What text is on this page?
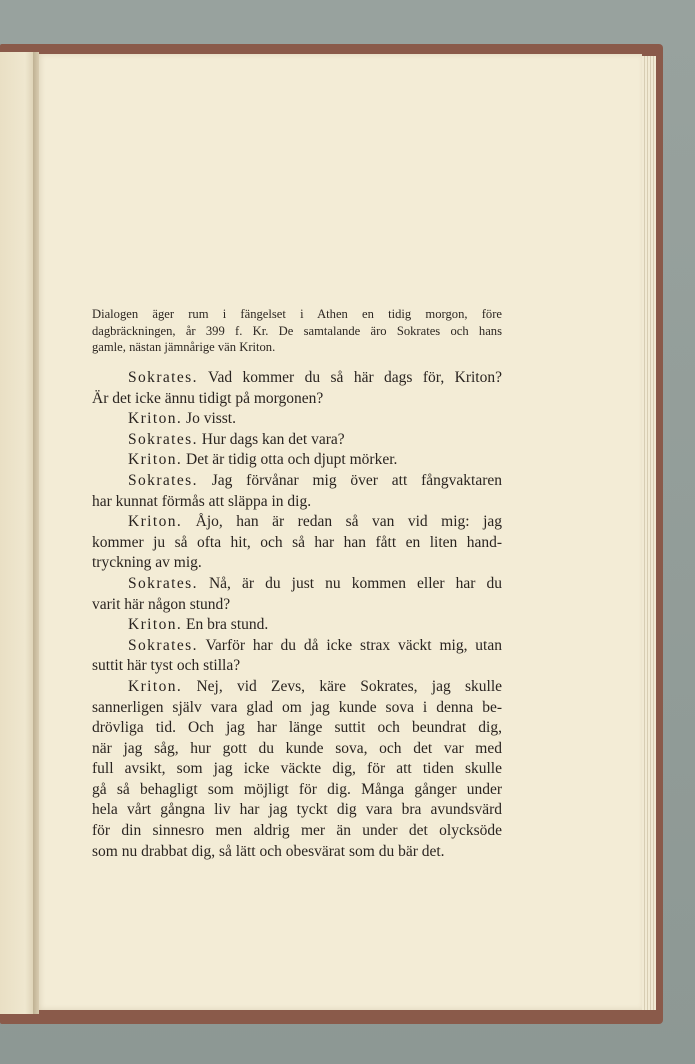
Dialogen äger rum i fängelset i Athen en tidig morgon, före
dagbräckningen, år 399 f. Kr. De samtalande äro Sokrates och hans
gamle, nästan jämnårige vän Kriton.
Sokrates. Vad kommer du så här dags för, Kriton?
Är det icke ännu tidigt på morgonen?
Kriton. Jo visst.
Sokrates. Hur dags kan det vara?
Kriton. Det är tidig otta och djupt mörker.
Sokrates. Jag förvånar mig över att fångvaktaren
har kunnat förmås att släppa in dig.
Kriton. Åjo, han är redan så van vid mig: jag
kommer ju så ofta hit, och så har han fått en liten hand-
tryckning av mig.
Sokrates. Nå, är du just nu kommen eller har du
varit här någon stund?
Kriton. En bra stund.
Sokrates. Varför har du då icke strax väckt mig, utan
suttit här tyst och stilla?
Kriton. Nej, vid Zevs, käre Sokrates, jag skulle
sannerligen själv vara glad om jag kunde sova i denna be-
drövliga tid. Och jag har länge suttit och beundrat dig,
när jag såg, hur gott du kunde sova, och det var med
full avsikt, som jag icke väckte dig, för att tiden skulle
gå så behagligt som möjligt för dig. Många gånger under
hela vårt gångna liv har jag tyckt dig vara bra avundsvärd
för din sinnesro men aldrig mer än under det olycksöde
som nu drabbat dig, så lätt och obesvärat som du bär det.
